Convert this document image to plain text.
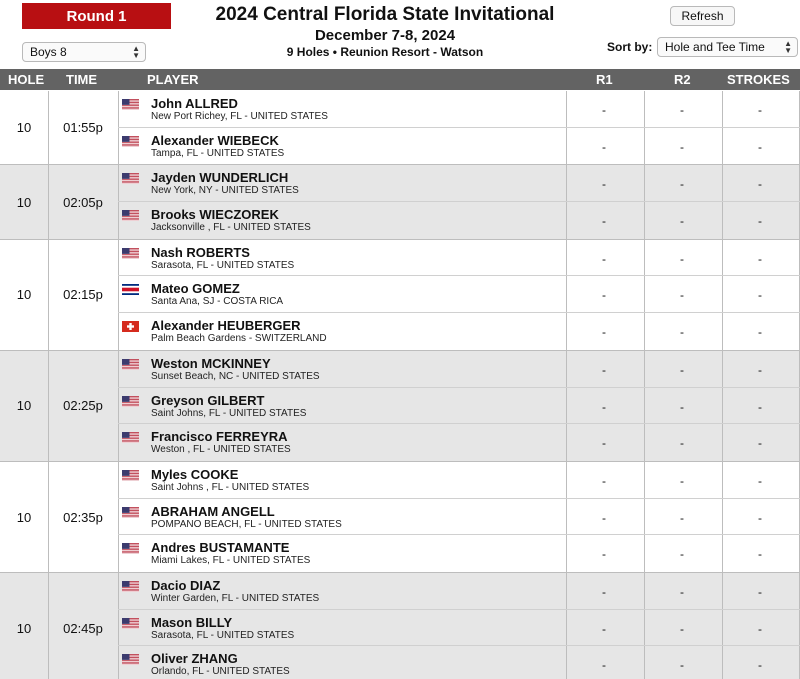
Round 1	2024 Central Florida State Invitational
December 7-8, 2024
9 Holes • Reunion Resort - Watson
Refresh
Boys 8	▲
▼
Sort by: Hole and Tee Time ▲
▼
HOLE TIME	PLAYER	R1	R2	STROKES
10	01:55p
John ALLRED
New Port Richey, FL - UNITED STATES	-	-	-
Alexander WIEBECK
Tampa, FL - UNITED STATES	-	-	-
10	02:05p
Jayden WUNDERLICH
New York, NY - UNITED STATES	-	-	-
Brooks WIECZOREK
Jacksonville , FL - UNITED STATES	-	-	-
10	02:15p
Nash ROBERTS
Sarasota, FL - UNITED STATES	-	-	-
Mateo GOMEZ
Santa Ana, SJ - COSTA RICA	-	-	-
Alexander HEUBERGER
Palm Beach Gardens - SWITZERLAND	-	-	-
10	02:25p
Weston MCKINNEY
Sunset Beach, NC - UNITED STATES	-	-	-
Greyson GILBERT
Saint Johns, FL - UNITED STATES	-	-	-
Francisco FERREYRA
Weston , FL - UNITED STATES	-	-	-
10	02:35p
Myles COOKE
Saint Johns , FL - UNITED STATES	-	-	-
ABRAHAM ANGELL
POMPANO BEACH, FL - UNITED STATES	-	-	-
Andres BUSTAMANTE
Miami Lakes, FL - UNITED STATES	-	-	-
10	02:45p
Dacio DIAZ
Winter Garden, FL - UNITED STATES	-	-	-
Mason BILLY
Sarasota, FL - UNITED STATES	-	-	-
Oliver ZHANG
Orlando, FL - UNITED STATES	-	-	-
